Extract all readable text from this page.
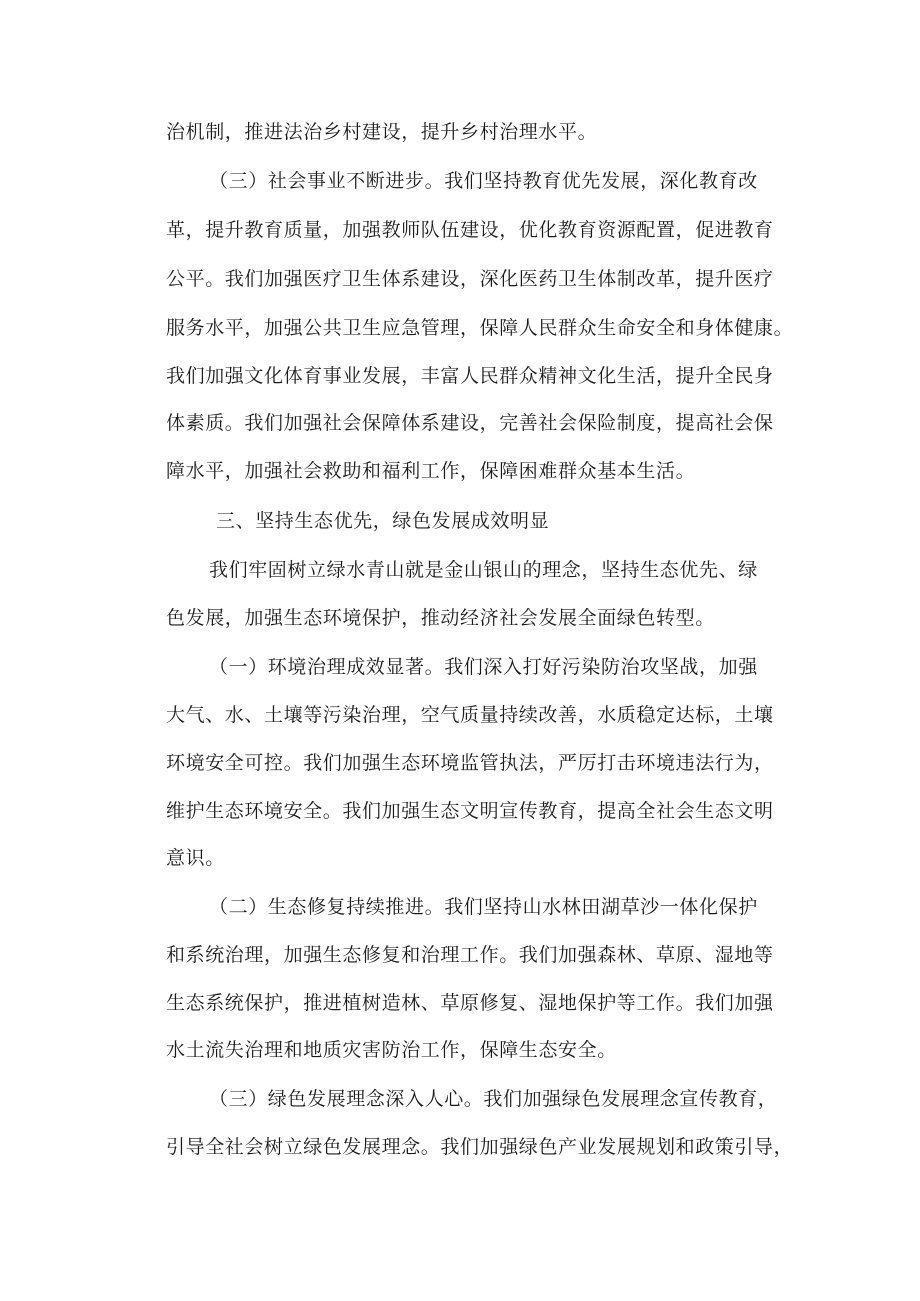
治机制，推进法治乡村建设，提升乡村治理水平。
（三）社会事业不断进步。我们坚持教育优先发展，深化教育改
革，提升教育质量，加强教师队伍建设，优化教育资源配置，促进教育
公平。我们加强医疗卫生体系建设，深化医药卫生体制改革，提升医疗
服务水平，加强公共卫生应急管理，保障人民群众生命安全和身体健康。
我们加强文化体育事业发展，丰富人民群众精神文化生活，提升全民身
体素质。我们加强社会保障体系建设，完善社会保险制度，提高社会保
障水平，加强社会救助和福利工作，保障困难群众基本生活。
三、坚持生态优先，绿色发展成效明显
我们牢固树立绿水青山就是金山银山的理念，坚持生态优先、绿
色发展，加强生态环境保护，推动经济社会发展全面绿色转型。
（一）环境治理成效显著。我们深入打好污染防治攻坚战，加强
大气、水、土壤等污染治理，空气质量持续改善，水质稳定达标，土壤
环境安全可控。我们加强生态环境监管执法，严厉打击环境违法行为，
维护生态环境安全。我们加强生态文明宣传教育，提高全社会生态文明
意识。
（二）生态修复持续推进。我们坚持山水林田湖草沙一体化保护
和系统治理，加强生态修复和治理工作。我们加强森林、草原、湿地等
生态系统保护，推进植树造林、草原修复、湿地保护等工作。我们加强
水土流失治理和地质灾害防治工作，保障生态安全。
（三）绿色发展理念深入人心。我们加强绿色发展理念宣传教育，
引导全社会树立绿色发展理念。我们加强绿色产业发展规划和政策引导，
